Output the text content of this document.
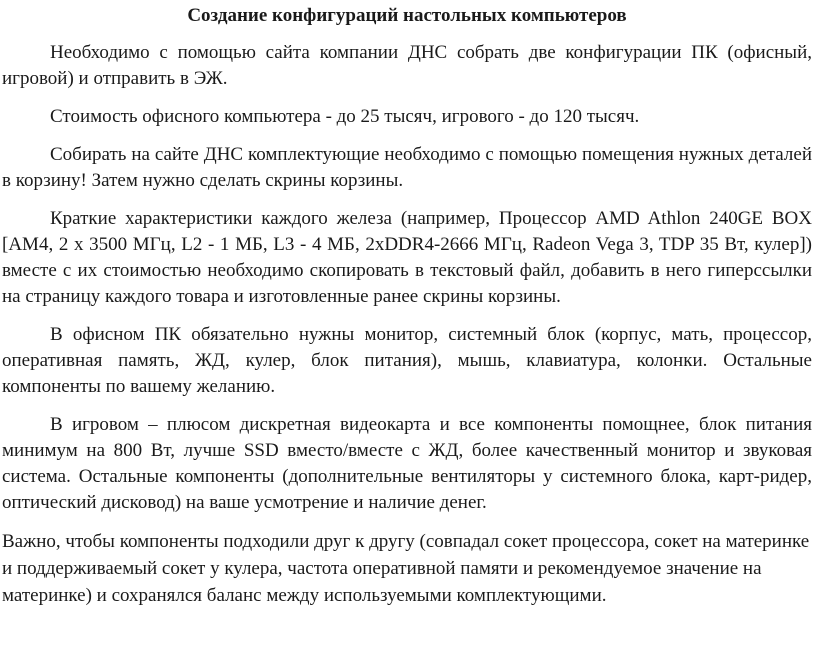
Создание конфигураций настольных компьютеров

Необходимо с помощью сайта компании ДНС собрать две конфигурации ПК (офисный, игровой) и отправить в ЭЖ.

Стоимость офисного компьютера - до 25 тысяч, игрового - до 120 тысяч.

Собирать на сайте ДНС комплектующие необходимо с помощью помещения нужных деталей в корзину! Затем нужно сделать скрины корзины.

Краткие характеристики каждого железа (например, Процессор AMD Athlon 240GE BOX [AM4, 2 x 3500 МГц, L2 - 1 МБ, L3 - 4 МБ, 2xDDR4-2666 МГц, Radeon Vega 3, TDP 35 Вт, кулер]) вместе с их стоимостью необходимо скопировать в текстовый файл, добавить в него гиперссылки на страницу каждого товара и изготовленные ранее скрины корзины.

В офисном ПК обязательно нужны монитор, системный блок (корпус, мать, процессор, оперативная память, ЖД, кулер, блок питания), мышь, клавиатура, колонки. Остальные компоненты по вашему желанию.

В игровом – плюсом дискретная видеокарта и все компоненты помощнее, блок питания минимум на 800 Вт, лучше SSD вместо/вместе с ЖД, более качественный монитор и звуковая система. Остальные компоненты (дополнительные вентиляторы у системного блока, карт-ридер, оптический дисковод) на ваше усмотрение и наличие денег.

Важно, чтобы компоненты подходили друг к другу (совпадал сокет процессора, сокет на материнке и поддерживаемый сокет у кулера, частота оперативной памяти и рекомендуемое значение на материнке) и сохранялся баланс между используемыми комплектующими.
